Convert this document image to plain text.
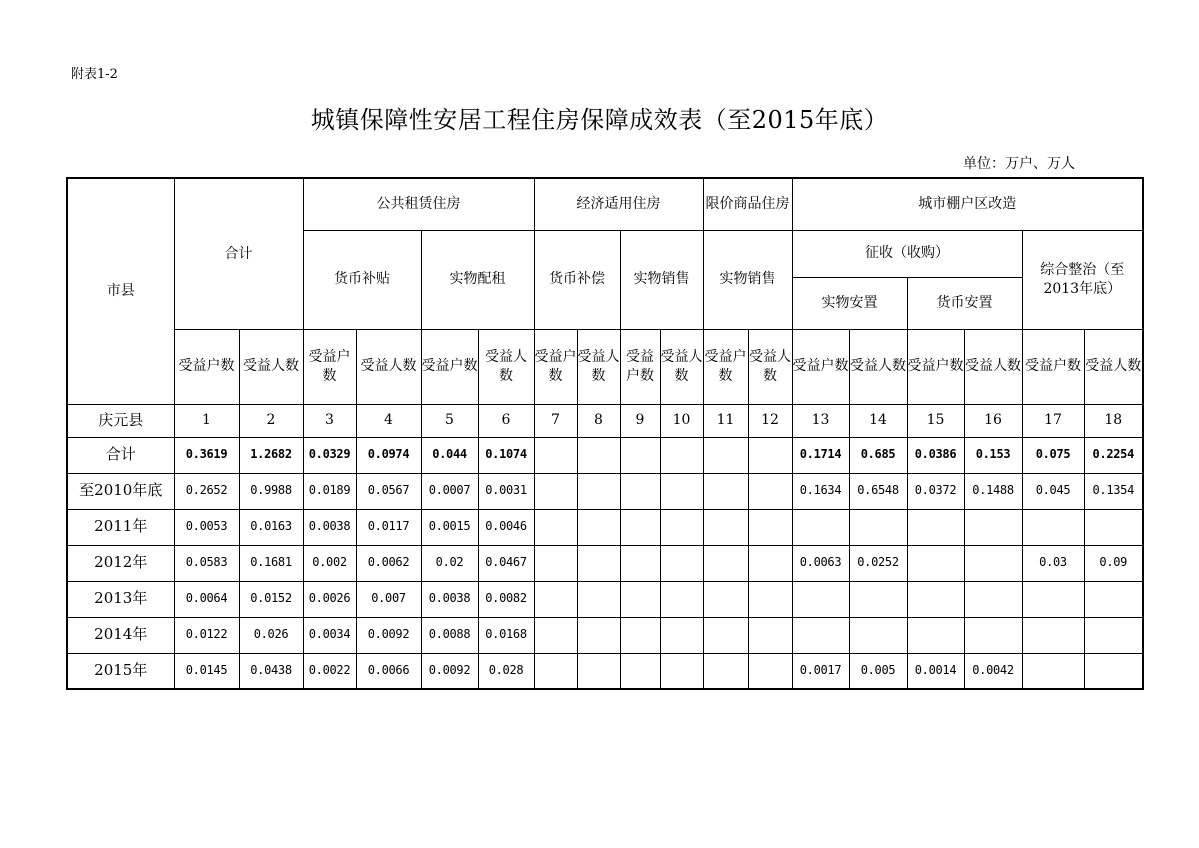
附表1-2
城镇保障性安居工程住房保障成效表（至2015年底）
单位：万户、万人
市县	合计		公共租赁住房				经济适用住房				限价商品住房		城市棚户区改造					
			货币补贴		实物配租		货币补偿		实物销售		实物销售		征收（收购）				综合整治（至2013年底）	
													实物安置		货币安置			
	受益户数	受益人数	受益户数	受益人数	受益户数	受益人数	受益户数	受益人数	受益户数	受益人数	受益户数	受益人数	受益户数	受益人数	受益户数	受益人数	受益户数	受益人数
庆元县	1	2	3	4	5	6	7	8	9	10	11	12	13	14	15	16	17	18
合计	0.3619	1.2682	0.0329	0.0974	0.044	0.1074							0.1714	0.685	0.0386	0.153	0.075	0.2254
至2010年底	0.2652	0.9988	0.0189	0.0567	0.0007	0.0031							0.1634	0.6548	0.0372	0.1488	0.045	0.1354
2011年	0.0053	0.0163	0.0038	0.0117	0.0015	0.0046												
2012年	0.0583	0.1681	0.002	0.0062	0.02	0.0467							0.0063	0.0252			0.03	0.09
2013年	0.0064	0.0152	0.0026	0.007	0.0038	0.0082												
2014年	0.0122	0.026	0.0034	0.0092	0.0088	0.0168												
2015年	0.0145	0.0438	0.0022	0.0066	0.0092	0.028							0.0017	0.005	0.0014	0.0042		
